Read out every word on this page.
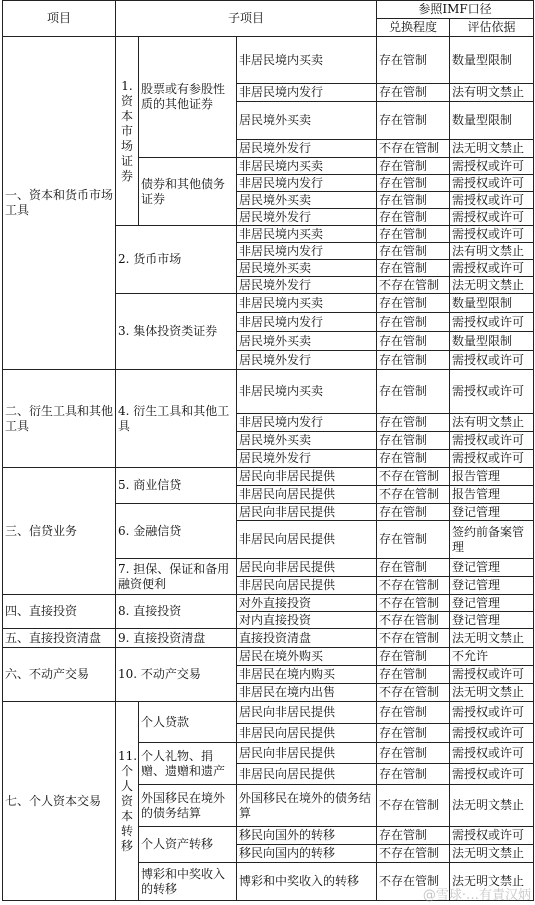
项目	子项目			参照IMF口径	
				兑换程度	评估依据
一、资本和货币市场工具	1. 资本市场证券	股票或有参股性质的其他证券	非居民境内买卖	存在管制	数量型限制
			非居民境内发行	存在管制	法有明文禁止
			居民境外买卖	存在管制	数量型限制
			居民境外发行	不存在管制	法无明文禁止
		债券和其他债务证券	非居民境内买卖	存在管制	需授权或许可
			非居民境内发行	存在管制	需授权或许可
			居民境外买卖	存在管制	需授权或许可
			居民境外发行	存在管制	需授权或许可
	2. 货币市场		非居民境内买卖	存在管制	需授权或许可
			非居民境内发行	存在管制	法有明文禁止
			居民境外买卖	存在管制	需授权或许可
			居民境外发行	不存在管制	法无明文禁止
	3. 集体投资类证券		非居民境内买卖	存在管制	数量型限制
			非居民境内发行	存在管制	需授权或许可
			居民境外买卖	存在管制	数量型限制
			居民境外发行	存在管制	需授权或许可
二、衍生工具和其他工具	4. 衍生工具和其他工具		非居民境内买卖	存在管制	需授权或许可
			非居民境内发行	存在管制	法有明文禁止
			居民境外买卖	存在管制	需授权或许可
			居民境外发行	存在管制	需授权或许可
三、信贷业务	5. 商业信贷		居民向非居民提供	不存在管制	报告管理
			非居民向居民提供	不存在管制	报告管理
	6. 金融信贷		居民向非居民提供	存在管制	登记管理
			非居民向居民提供	存在管制	签约前备案管理
	7. 担保、保证和备用融资便利		居民向非居民提供	存在管制	登记管理
			非居民向居民提供	不存在管制	登记管理
四、直接投资	8. 直接投资		对外直接投资	不存在管制	登记管理
			对内直接投资	不存在管制	登记管理
五、直接投资清盘	9. 直接投资清盘		直接投资清盘	不存在管制	法无明文禁止
六、不动产交易	10. 不动产交易		居民在境外购买	存在管制	不允许
			非居民在境内购买	存在管制	需授权或许可
			非居民在境内出售	不存在管制	法无明文禁止
七、个人资本交易	11. 个人资本转移	个人贷款	居民向非居民提供	存在管制	需授权或许可
			非居民向居民提供	存在管制	需授权或许可
		个人礼物、捐赠、遗赠和遗产	居民向非居民提供	存在管制	需授权或许可
			非居民向居民提供	存在管制	需授权或许可
		外国移民在境外的债务结算	外国移民在境外的债务结算	不存在管制	法无明文禁止
		个人资产转移	移民向国外的转移	存在管制	需授权或许可
			移民向国内的转移	不存在管制	法无明文禁止
		博彩和中奖收入的转移	博彩和中奖收入的转移	不存在管制	法无明文禁止
@雪球·…有責汉炳
